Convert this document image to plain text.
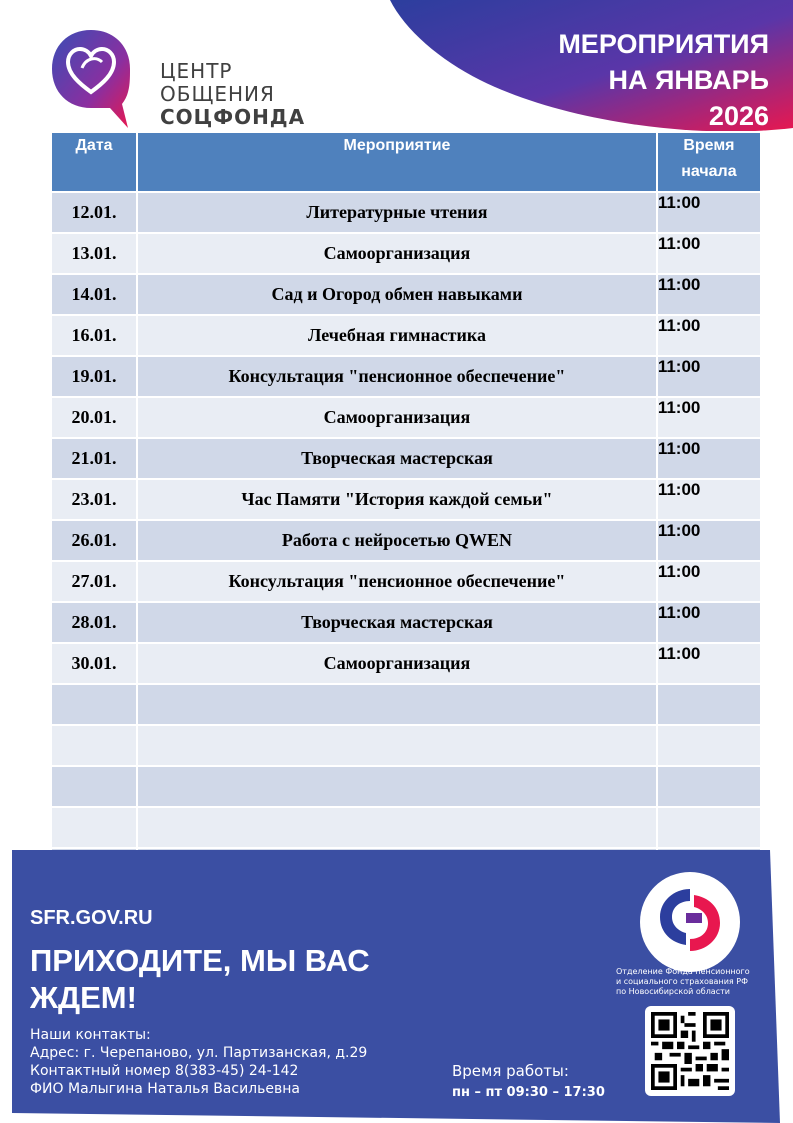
ЦЕНТР
ОБЩЕНИЯ
СОЦФОНДА
МЕРОПРИЯТИЯ
НА ЯНВАРЬ
2026
Дата	Мероприятие	Время
начала

12.01.	Литературные чтения	11:00
13.01.	Самоорганизация	11:00
14.01.	Сад и Огород обмен навыками	11:00
16.01.	Лечебная гимнастика	11:00
19.01.	Консультация "пенсионное обеспечение"	11:00
20.01.	Самоорганизация	11:00
21.01.	Творческая мастерская	11:00
23.01.	Час Памяти "История каждой семьи"	11:00
26.01.	Работа с нейросетью QWEN	11:00
27.01.	Консультация "пенсионное обеспечение"	11:00
28.01.	Творческая мастерская	11:00
30.01.	Самоорганизация	11:00

SFR.GOV.RU
ПРИХОДИТЕ, МЫ ВАС
ЖДЕМ!
Наши контакты:
Адрес: г. Черепаново, ул. Партизанская, д.29
Контактный номер 8(383-45) 24-142
ФИО Малыгина Наталья Васильевна
Время работы:
пн – пт 09:30 – 17:30
Отделение Фонда пенсионного
и социального страхования РФ
по Новосибирской области
